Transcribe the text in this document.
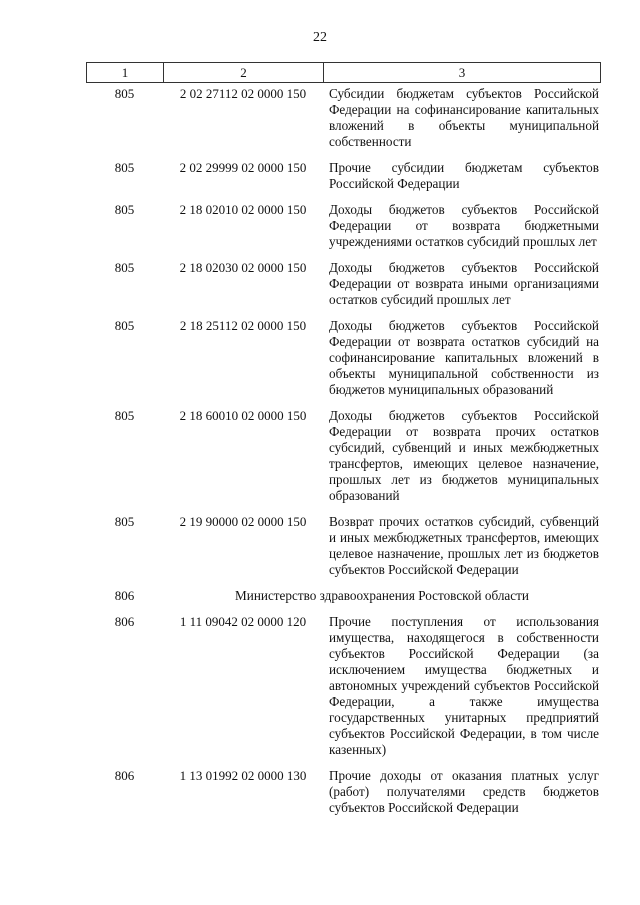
22
1	2	3
805	2 02 27112 02 0000 150	Субсидии бюджетам субъектов Российской Федерации на софинансирование капитальных вложений в объекты муниципальной собственности
805	2 02 29999 02 0000 150	Прочие субсидии бюджетам субъектов Российской Федерации
805	2 18 02010 02 0000 150	Доходы бюджетов субъектов Российской Федерации от возврата бюджетными учреждениями остатков субсидий прошлых лет
805	2 18 02030 02 0000 150	Доходы бюджетов субъектов Российской Федерации от возврата иными организациями остатков субсидий прошлых лет
805	2 18 25112 02 0000 150	Доходы бюджетов субъектов Российской Федерации от возврата остатков субсидий на софинансирование капитальных вложений в объекты муниципальной собственности из бюджетов муниципальных образований
805	2 18 60010 02 0000 150	Доходы бюджетов субъектов Российской Федерации от возврата прочих остатков субсидий, субвенций и иных межбюджетных трансфертов, имеющих целевое назначение, прошлых лет из бюджетов муниципальных образований
805	2 19 90000 02 0000 150	Возврат прочих остатков субсидий, субвенций и иных межбюджетных трансфертов, имеющих целевое назначение, прошлых лет из бюджетов субъектов Российской Федерации
806	Министерство здравоохранения Ростовской области
806	1 11 09042 02 0000 120	Прочие поступления от использования имущества, находящегося в собственности субъектов Российской Федерации (за исключением имущества бюджетных и автономных учреждений субъектов Российской Федерации, а также имущества государственных унитарных предприятий субъектов Российской Федерации, в том числе казенных)
806	1 13 01992 02 0000 130	Прочие доходы от оказания платных услуг (работ) получателями средств бюджетов субъектов Российской Федерации
